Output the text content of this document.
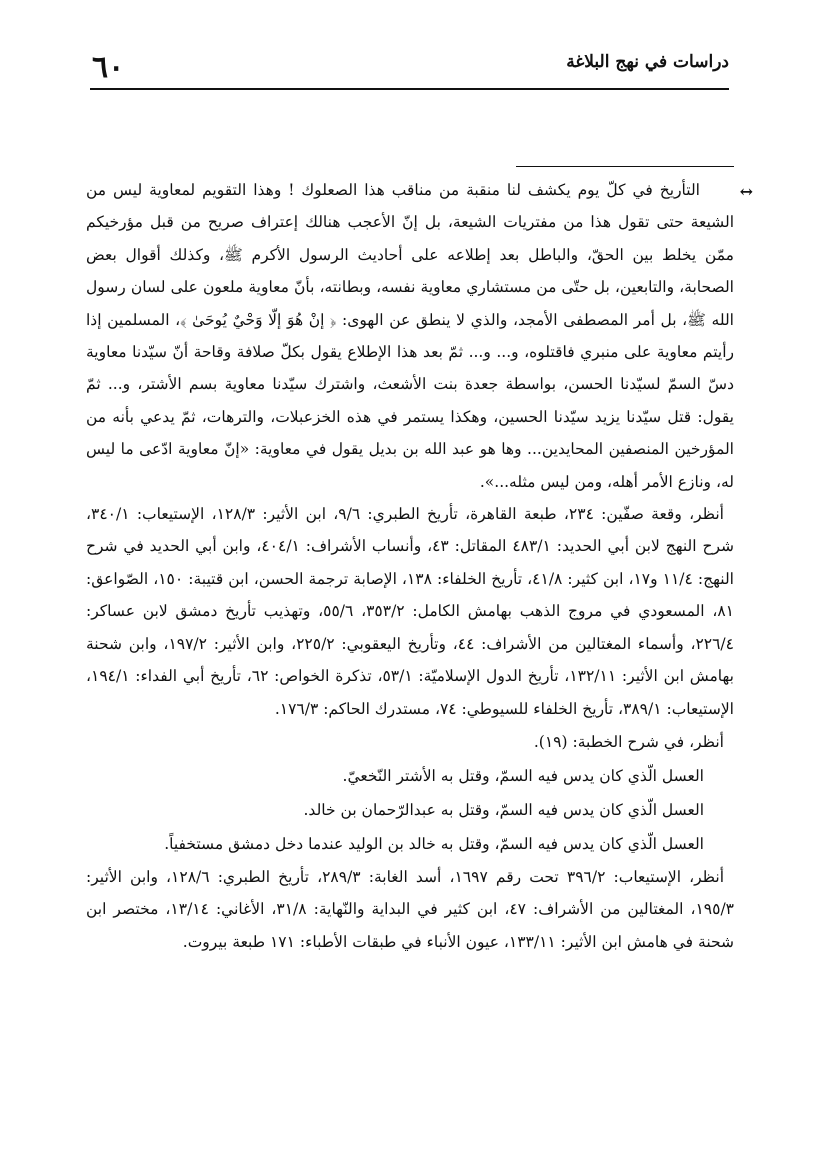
٦٠	دراسات في نهج البلاغة
↔

التأريخ في كلّ يوم يكشف لنا منقبة من مناقب هذا الصعلوك ! وهذا التقويم لمعاوية ليس من الشيعة حتى تقول هذا من مفتريات الشيعة، بل إنّ الأعجب هنالك إعتراف صريح من قبل مؤرخيكم ممّن يخلط بين الحقّ، والباطل بعد إطلاعه على أحاديث الرسول الأكرم ﷺ، وكذلك أقوال بعض الصحابة، والتابعين، بل حتّى من مستشاري معاوية نفسه، وبطانته، بأنّ معاوية ملعون على لسان رسول الله ﷺ، بل أمر المصطفى الأمجد، والذي لا ينطق عن الهوى: ﴿ إنْ هُوَ إلّا وَحْيٌ يُوحَىٰ ﴾، المسلمين إذا رأيتم معاوية على منبري فاقتلوه، و... و... ثمّ بعد هذا الإطلاع يقول بكلّ صلافة وقاحة أنّ سيّدنا معاوية دسّ السمّ لسيّدنا الحسن، بواسطة جعدة بنت الأشعث، واشترك سيّدنا معاوية بسم الأشتر، و... ثمّ يقول: قتل سيّدنا يزيد سيّدنا الحسين، وهكذا يستمر في هذه الخزعبلات، والترهات، ثمّ يدعي بأنه من المؤرخين المنصفين المحايدين... وها هو عبد الله بن بديل يقول في معاوية: «إنّ معاوية ادّعى ما ليس له، ونازع الأمر أهله، ومن ليس مثله...».

أنظر، وقعة صفّين: ٢٣٤، طبعة القاهرة، تأريخ الطبري: ٩/٦، ابن الأثير: ١٢٨/٣، الإستيعاب: ٣٤٠/١، شرح النهج لابن أبي الحديد: ٤٨٣/١ المقاتل: ٤٣، وأنساب الأشراف: ٤٠٤/١، وابن أبي الحديد في شرح النهج: ١١/٤ و١٧، ابن كثير: ٤١/٨، تأريخ الخلفاء: ١٣٨، الإصابة ترجمة الحسن، ابن قتيبة: ١٥٠، الصّواعق: ٨١، المسعودي في مروج الذهب بهامش الكامل: ٣٥٣/٢، ٥٥/٦، وتهذيب تأريخ دمشق لابن عساكر: ٢٢٦/٤، وأسماء المغتالين من الأشراف: ٤٤، وتأريخ اليعقوبي: ٢٢٥/٢، وابن الأثير: ١٩٧/٢، وابن شحنة بهامش ابن الأثير: ١٣٢/١١، تأريخ الدول الإسلاميّة: ٥٣/١، تذكرة الخواص: ٦٢، تأريخ أبي الفداء: ١٩٤/١، الإستيعاب: ٣٨٩/١، تأريخ الخلفاء للسيوطي: ٧٤، مستدرك الحاكم: ١٧٦/٣.

أنظر، في شرح الخطبة: (١٩).
العسل الّذي كان يدس فيه السمّ، وقتل به الأشتر النّخعيّ.
العسل الّذي كان يدس فيه السمّ، وقتل به عبدالرّحمان بن خالد.
العسل الّذي كان يدس فيه السمّ، وقتل به خالد بن الوليد عندما دخل دمشق مستخفياً.

أنظر، الإستيعاب: ٣٩٦/٢ تحت رقم ١٦٩٧، أسد الغابة: ٢٨٩/٣، تأريخ الطبري: ١٢٨/٦، وابن الأثير: ١٩٥/٣، المغتالين من الأشراف: ٤٧، ابن كثير في البداية والنّهاية: ٣١/٨، الأغاني: ١٣/١٤، مختصر ابن شحنة في هامش ابن الأثير: ١٣٣/١١، عيون الأنباء في طبقات الأطباء: ١٧١ طبعة بيروت.
